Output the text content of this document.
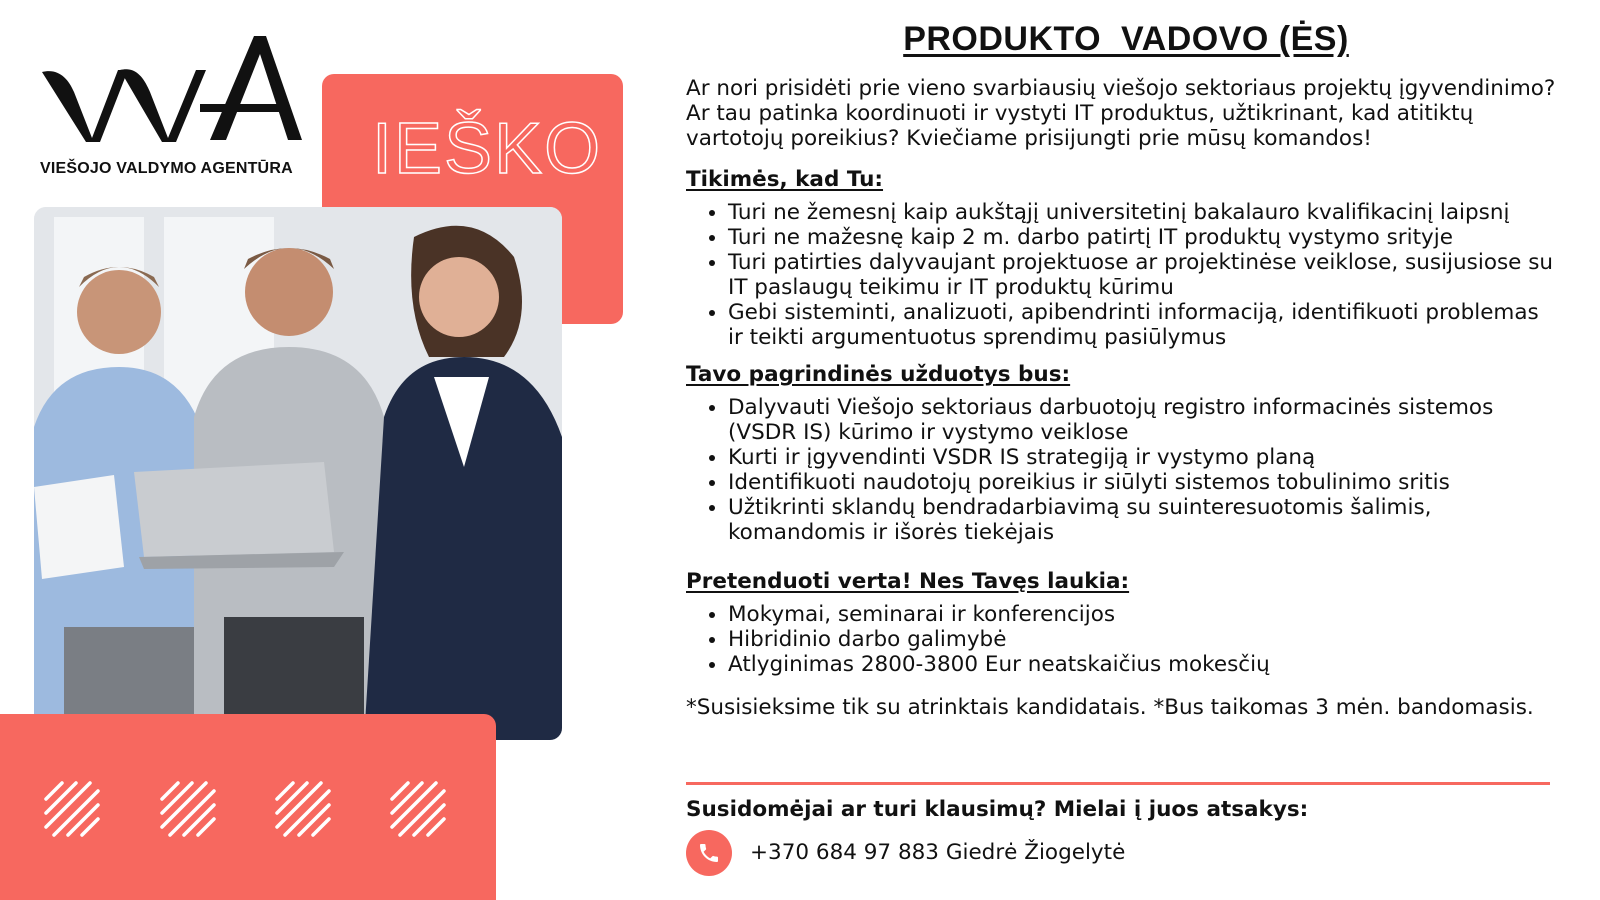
VIEŠOJO VALDYMO AGENTŪRA IEŠKO
PRODUKTO  VADOVO (ĖS)

Ar nori prisidėti prie vieno svarbiausių viešojo sektoriaus projektų įgyvendinimo? Ar tau patinka koordinuoti ir vystyti IT produktus, užtikrinant, kad atitiktų vartotojų poreikius? Kviečiame prisijungti prie mūsų komandos!

Tikimės, kad Tu:
• Turi ne žemesnį kaip aukštąjį universitetinį bakalauro kvalifikacinį laipsnį
• Turi ne mažesnę kaip 2 m. darbo patirtį IT produktų vystymo srityje
• Turi patirties dalyvaujant projektuose ar projektinėse veiklose, susijusiose su IT paslaugų teikimu ir IT produktų kūrimu
• Gebi sisteminti, analizuoti, apibendrinti informaciją, identifikuoti problemas ir teikti argumentuotus sprendimų pasiūlymus
Tavo pagrindinės užduotys bus:
• Dalyvauti Viešojo sektoriaus darbuotojų registro informacinės sistemos (VSDR IS) kūrimo ir vystymo veiklose
• Kurti ir įgyvendinti VSDR IS strategiją ir vystymo planą
• Identifikuoti naudotojų poreikius ir siūlyti sistemos tobulinimo sritis
• Užtikrinti sklandų bendradarbiavimą su suinteresuotomis šalimis, komandomis ir išorės tiekėjais
Pretenduoti verta! Nes Tavęs laukia:
• Mokymai, seminarai ir konferencijos
• Hibridinio darbo galimybė
• Atlyginimas 2800-3800 Eur neatskaičius mokesčių

*Susisieksime tik su atrinktais kandidatais. *Bus taikomas 3 mėn. bandomasis.

Susidomėjai ar turi klausimų? Mielai į juos atsakys:
+370 684 97 883 Giedrė Žiogelytė
